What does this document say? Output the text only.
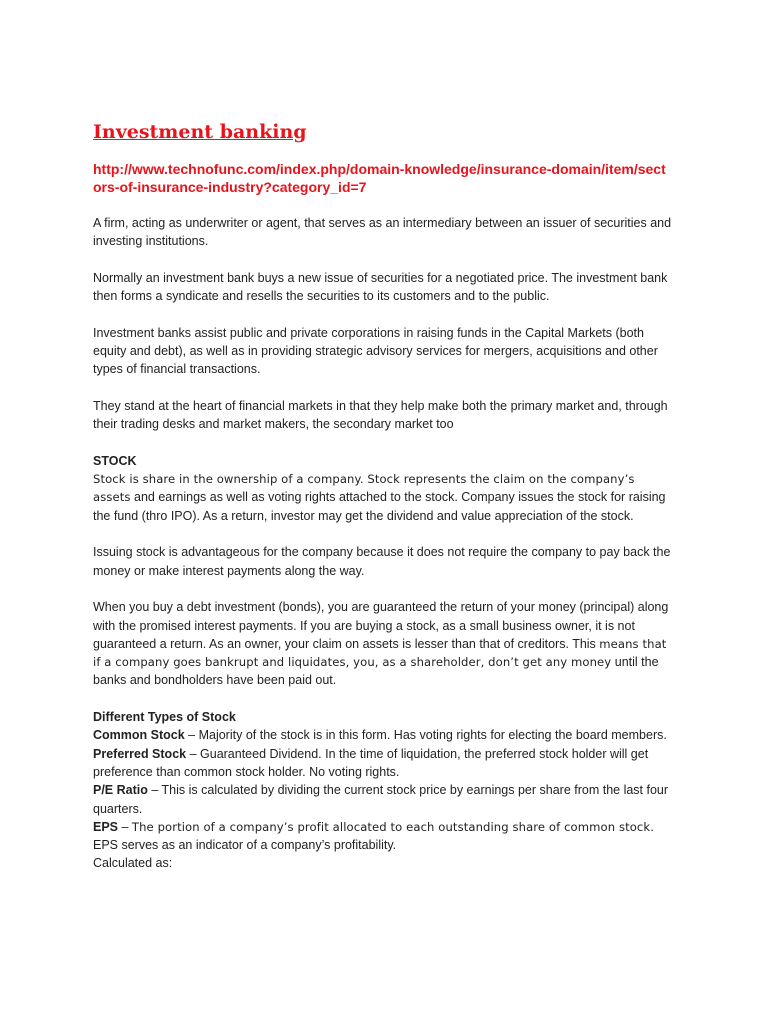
Investment banking
http://www.technofunc.com/index.php/domain-knowledge/insurance-domain/item/sectors-of-insurance-industry?category_id=7

A firm, acting as underwriter or agent, that serves as an intermediary between an issuer of securities and investing institutions.

Normally an investment bank buys a new issue of securities for a negotiated price. The investment bank then forms a syndicate and resells the securities to its customers and to the public.

Investment banks assist public and private corporations in raising funds in the Capital Markets (both equity and debt), as well as in providing strategic advisory services for mergers, acquisitions and other types of financial transactions.

They stand at the heart of financial markets in that they help make both the primary market and, through their trading desks and market makers, the secondary market too

STOCK
Stock is share in the ownership of a company. Stock represents the claim on the company’s assets and earnings as well as voting rights attached to the stock. Company issues the stock for raising the fund (thro IPO). As a return, investor may get the dividend and value appreciation of the stock.

Issuing stock is advantageous for the company because it does not require the company to pay back the money or make interest payments along the way.

When you buy a debt investment (bonds), you are guaranteed the return of your money (principal) along with the promised interest payments. If you are buying a stock, as a small business owner, it is not guaranteed a return. As an owner, your claim on assets is lesser than that of creditors. This means that if a company goes bankrupt and liquidates, you, as a shareholder, don’t get any money until the banks and bondholders have been paid out.

Different Types of Stock

Common Stock – Majority of the stock is in this form. Has voting rights for electing the board members.

Preferred Stock – Guaranteed Dividend. In the time of liquidation, the preferred stock holder will get preference than common stock holder. No voting rights.

P/E Ratio – This is calculated by dividing the current stock price by earnings per share from the last four quarters.

EPS – The portion of a company’s profit allocated to each outstanding share of common stock. EPS serves as an indicator of a company’s profitability.

Calculated as:
